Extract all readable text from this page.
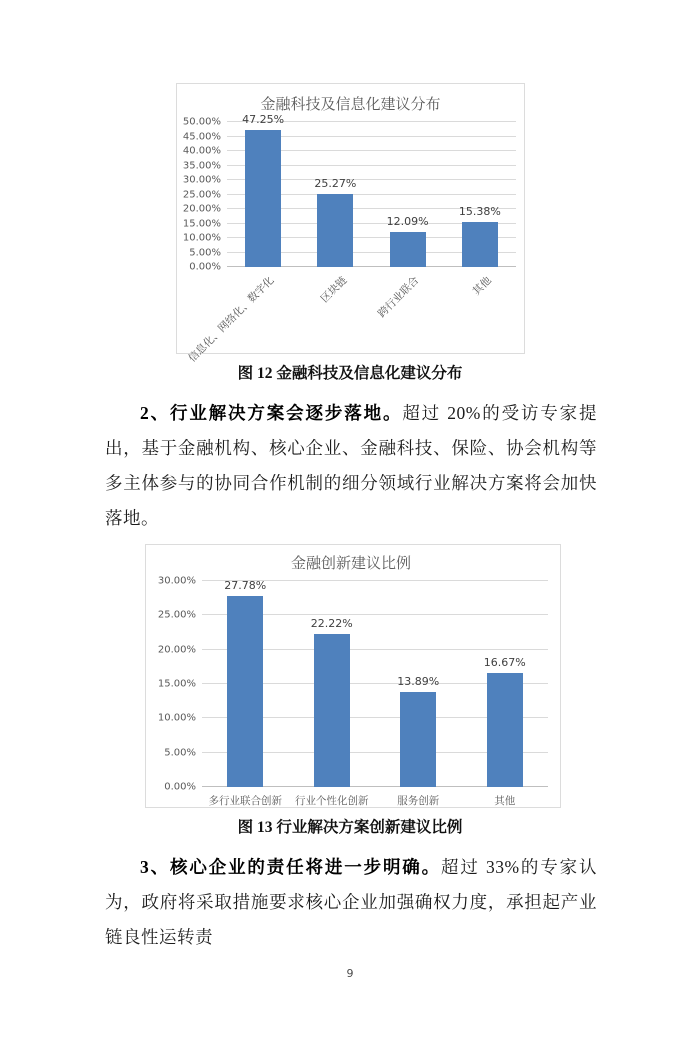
金融科技及信息化建议分布
0.00%
5.00%
10.00%
15.00%
20.00%
25.00%
30.00%
35.00%
40.00%
45.00%
50.00%	47.25%
25.27%
12.09%
15.38%
信息化、网络化、数字化	区块链	跨行业联合	其他

图 12 金融科技及信息化建议分布

2、行业解决方案会逐步落地。超过 20%的受访专家提出，基于金融机构、核心企业、金融科技、保险、协会机构等多主体参与的协同合作机制的细分领域行业解决方案将会加快落地。

金融创新建议比例
0.00%
5.00%
10.00%
15.00%
20.00%
25.00%
30.00%	27.78%
22.22%
13.89%
16.67%
多行业联合创新	行业个性化创新	服务创新	其他

图 13 行业解决方案创新建议比例

3、核心企业的责任将进一步明确。超过 33%的专家认为，政府将采取措施要求核心企业加强确权力度，承担起产业链良性运转责

9
